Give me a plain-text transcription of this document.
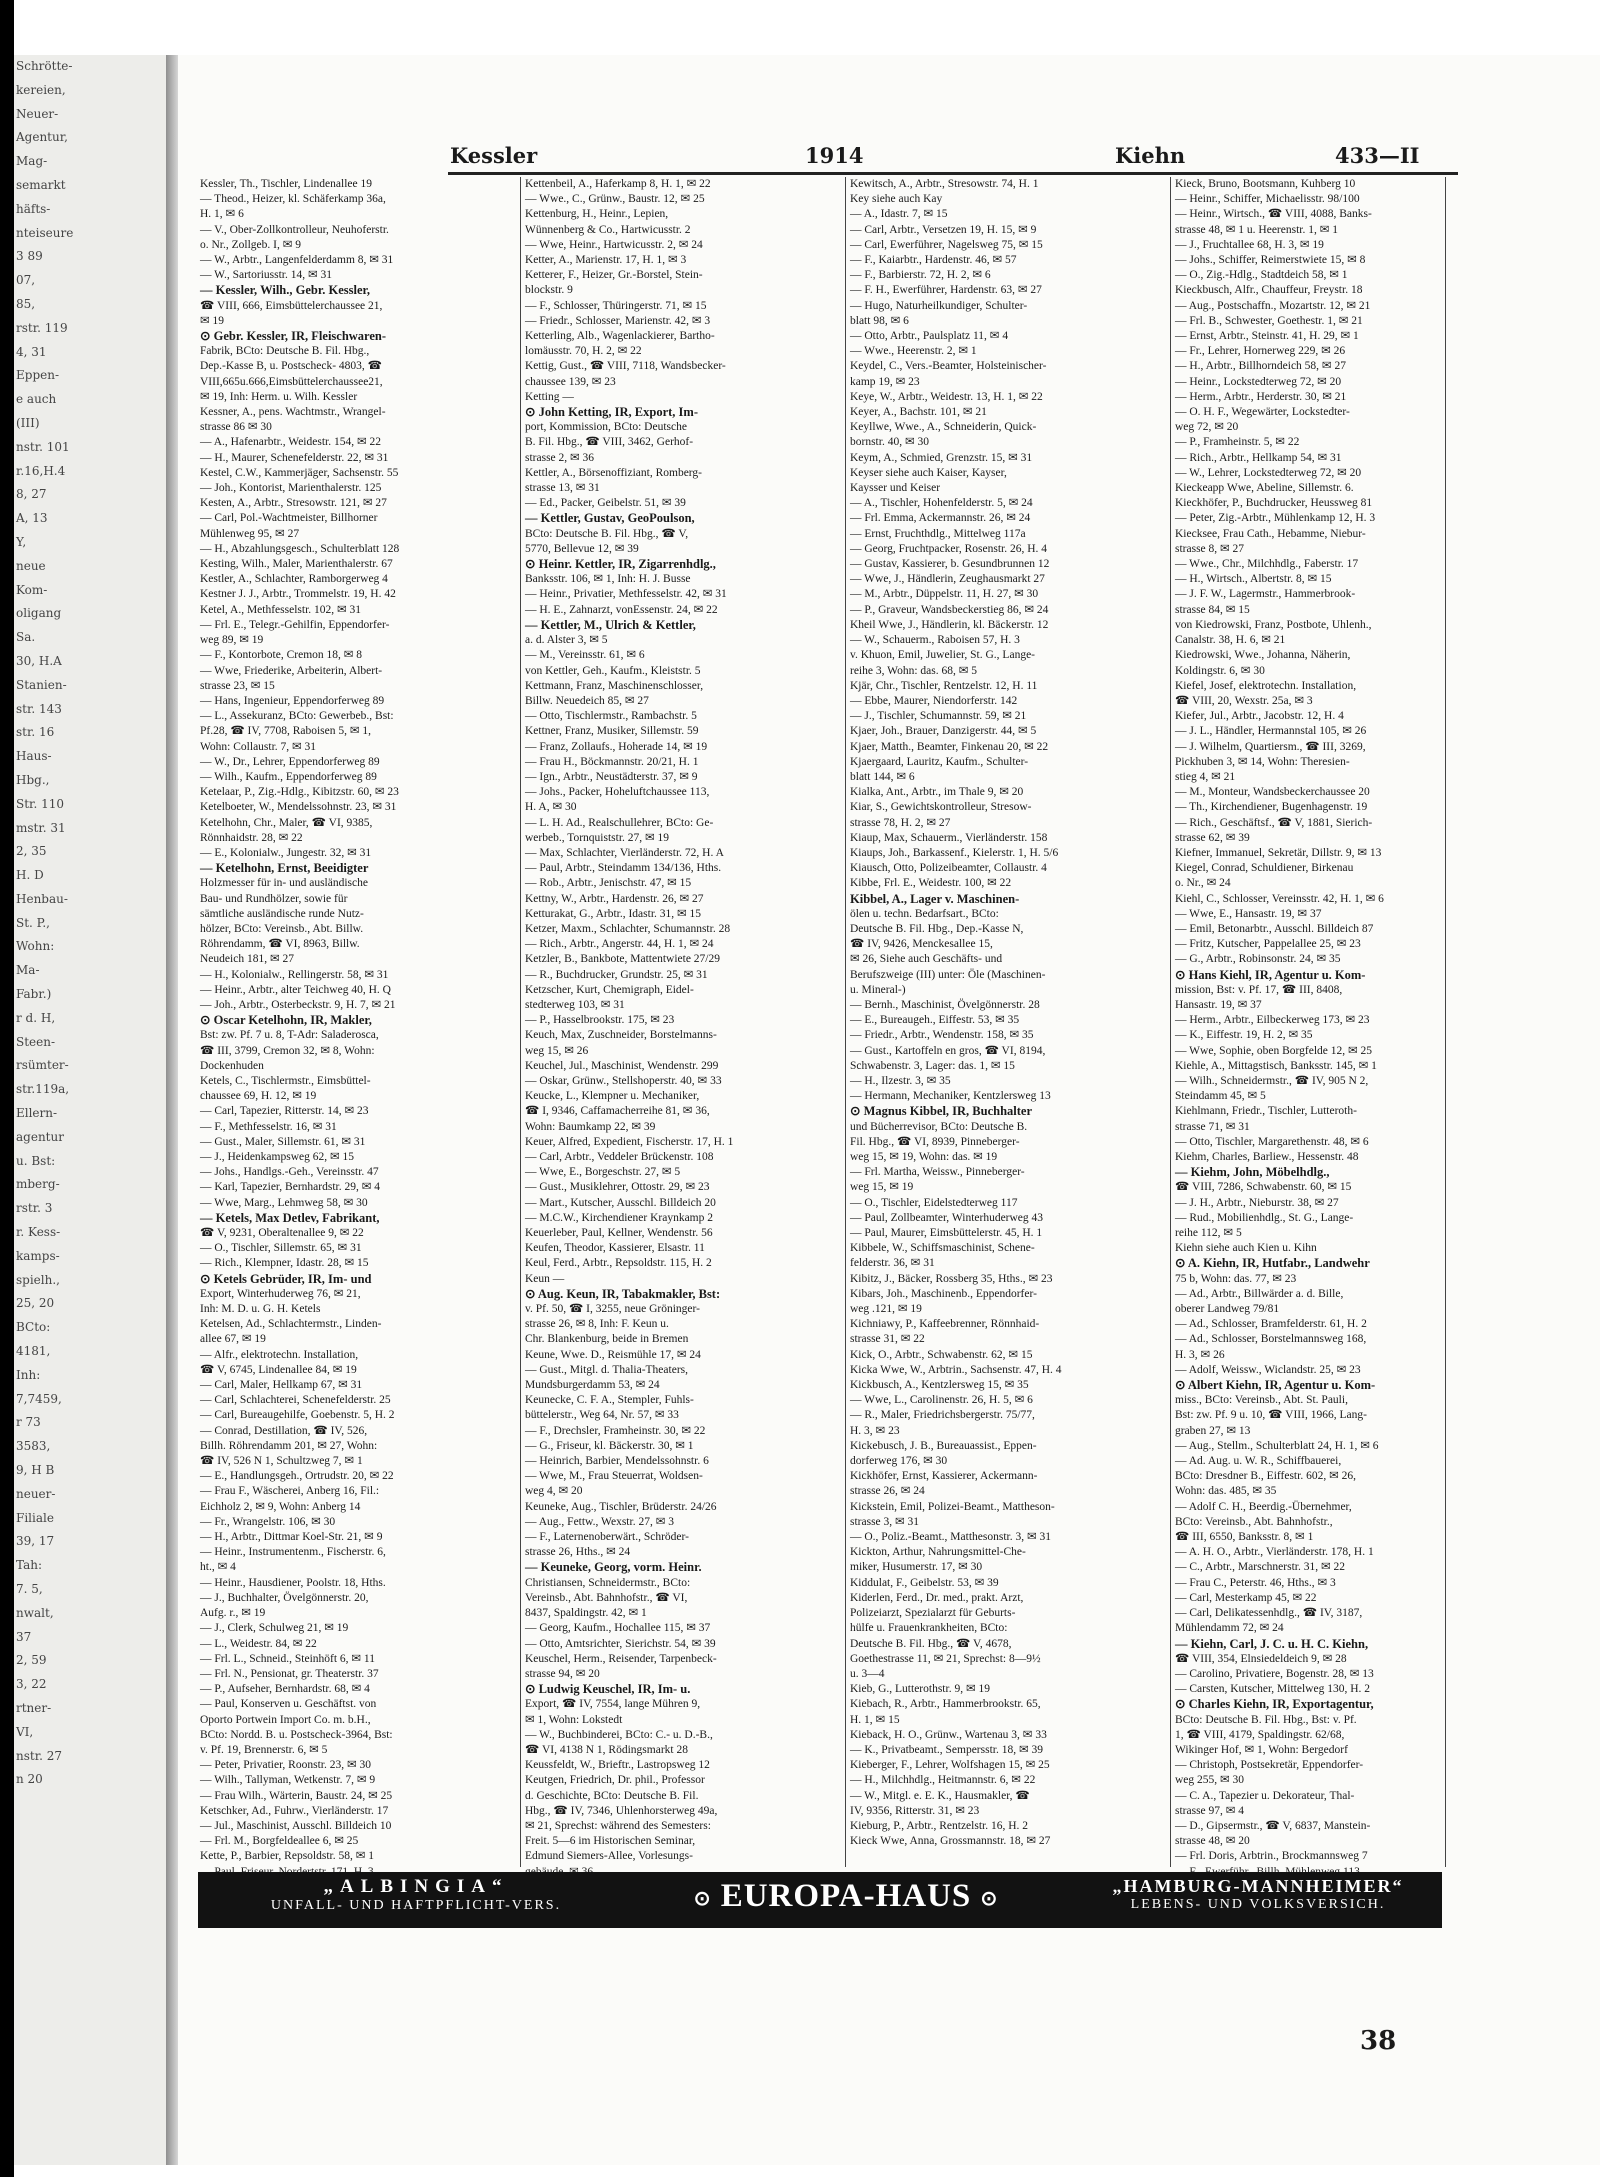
Schrötte-
kereien,
Neuer-
Agentur,
Mag-
semarkt
häfts-
nteiseure
3 89
07,
85,
rstr. 119
4, 31
Eppen-
e auch
(III)
nstr. 101
r.16,H.4
8, 27
A, 13
Y,
neue
Kom-
oligang
Sa.
30, H.A
Stanien-
str. 143
str. 16
Haus-
Hbg.,
Str. 110
mstr. 31
2, 35
H. D
Henbau-
St. P.,
Wohn:
Ma-
Fabr.)
r d. H,
Steen-
rsümter-
str.119a,
Ellern-
agentur
u. Bst:
mberg-
rstr. 3
r. Kess-
kamps-
spielh.,
25, 20
BCto:
4181,
Inh:
7,7459,
r 73
3583,
9, H B
neuer-
Filiale
39, 17
Tah:
7. 5,
nwalt,
37
2, 59
3, 22
rtner-
VI,
nstr. 27
n 20
Kessler	1914	Kiehn	433—II
Kessler, Th., Tischler, Lindenallee 19
— Theod., Heizer, kl. Schäferkamp 36a,
H. 1, ✉ 6
— V., Ober-Zollkontrolleur, Neuhoferstr.
o. Nr., Zollgeb. I, ✉ 9
— W., Arbtr., Langenfelderdamm 8, ✉ 31
— W., Sartoriusstr. 14, ✉ 31
— Kessler, Wilh., Gebr. Kessler,
☎ VIII, 666, Eimsbüttelerchaussee 21,
✉ 19
⊙ Gebr. Kessler, IR, Fleischwaren-
Fabrik, BCto: Deutsche B. Fil. Hbg.,
Dep.-Kasse B, u. Postscheck- 4803, ☎
VIII,665u.666,Eimsbüttelerchaussee21,
✉ 19, Inh: Herm. u. Wilh. Kessler
Kessner, A., pens. Wachtmstr., Wrangel-
strasse 86 ✉ 30
— A., Hafenarbtr., Weidestr. 154, ✉ 22
— H., Maurer, Schenefelderstr. 22, ✉ 31
Kestel, C.W., Kammerjäger, Sachsenstr. 55
— Joh., Kontorist, Marienthalerstr. 125
Kesten, A., Arbtr., Stresowstr. 121, ✉ 27
— Carl, Pol.-Wachtmeister, Billhorner
Mühlenweg 95, ✉ 27
— H., Abzahlungsgesch., Schulterblatt 128
Kesting, Wilh., Maler, Marienthalerstr. 67
Kestler, A., Schlachter, Ramborgerweg 4
Kestner J. J., Arbtr., Trommelstr. 19, H. 42
Ketel, A., Methfesselstr. 102, ✉ 31
— Frl. E., Telegr.-Gehilfin, Eppendorfer-
weg 89, ✉ 19
— F., Kontorbote, Cremon 18, ✉ 8
— Wwe, Friederike, Arbeiterin, Albert-
strasse 23, ✉ 15
— Hans, Ingenieur, Eppendorferweg 89
— L., Assekuranz, BCto: Gewerbeb., Bst:
Pf.28, ☎ IV, 7708, Raboisen 5, ✉ 1,
Wohn: Collaustr. 7, ✉ 31
— W., Dr., Lehrer, Eppendorferweg 89
— Wilh., Kaufm., Eppendorferweg 89
Ketelaar, P., Zig.-Hdlg., Kibitzstr. 60, ✉ 23
Ketelboeter, W., Mendelssohnstr. 23, ✉ 31
Ketelhohn, Chr., Maler, ☎ VI, 9385,
Rönnhaidstr. 28, ✉ 22
— E., Kolonialw., Jungestr. 32, ✉ 31
— Ketelhohn, Ernst, Beeidigter
Holzmesser für in- und ausländische
Bau- und Rundhölzer, sowie für
sämtliche ausländische runde Nutz-
hölzer, BCto: Vereinsb., Abt. Billw.
Röhrendamm, ☎ VI, 8963, Billw.
Neudeich 181, ✉ 27
— H., Kolonialw., Rellingerstr. 58, ✉ 31
— Heinr., Arbtr., alter Teichweg 40, H. Q
— Joh., Arbtr., Osterbeckstr. 9, H. 7, ✉ 21
⊙ Oscar Ketelhohn, IR, Makler,
Bst: zw. Pf. 7 u. 8, T-Adr: Saladerosca,
☎ III, 3799, Cremon 32, ✉ 8, Wohn:
Dockenhuden
Ketels, C., Tischlermstr., Eimsbüttel-
chaussee 69, H. 12, ✉ 19
— Carl, Tapezier, Ritterstr. 14, ✉ 23
— F., Methfesselstr. 16, ✉ 31
— Gust., Maler, Sillemstr. 61, ✉ 31
— J., Heidenkampsweg 62, ✉ 15
— Johs., Handlgs.-Geh., Vereinsstr. 47
— Karl, Tapezier, Bernhardstr. 29, ✉ 4
— Wwe, Marg., Lehmweg 58, ✉ 30
— Ketels, Max Detlev, Fabrikant,
☎ V, 9231, Oberaltenallee 9, ✉ 22
— O., Tischler, Sillemstr. 65, ✉ 31
— Rich., Klempner, Idastr. 28, ✉ 15
⊙ Ketels Gebrüder, IR, Im- und
Export, Winterhuderweg 76, ✉ 21,
Inh: M. D. u. G. H. Ketels
Ketelsen, Ad., Schlachtermstr., Linden-
allee 67, ✉ 19
— Alfr., elektrotechn. Installation,
☎ V, 6745, Lindenallee 84, ✉ 19
— Carl, Maler, Hellkamp 67, ✉ 31
— Carl, Schlachterei, Schenefelderstr. 25
— Carl, Bureaugehilfe, Goebenstr. 5, H. 2
— Conrad, Destillation, ☎ IV, 526,
Billh. Röhrendamm 201, ✉ 27, Wohn:
☎ IV, 526 N 1, Schultzweg 7, ✉ 1
— E., Handlungsgeh., Ortrudstr. 20, ✉ 22
— Frau F., Wäscherei, Anberg 16, Fil.:
Eichholz 2, ✉ 9, Wohn: Anberg 14
— Fr., Wrangelstr. 106, ✉ 30
— H., Arbtr., Dittmar Koel-Str. 21, ✉ 9
— Heinr., Instrumentenm., Fischerstr. 6,
ht., ✉ 4
— Heinr., Hausdiener, Poolstr. 18, Hths.
— J., Buchhalter, Övelgönnerstr. 20,
Aufg. r., ✉ 19
— J., Clerk, Schulweg 21, ✉ 19
— L., Weidestr. 84, ✉ 22
— Frl. L., Schneid., Steinhöft 6, ✉ 11
— Frl. N., Pensionat, gr. Theaterstr. 37
— P., Aufseher, Bernhardstr. 68, ✉ 4
— Paul, Konserven u. Geschäftst. von
Oporto Portwein Import Co. m. b.H.,
BCto: Nordd. B. u. Postscheck-3964, Bst:
v. Pf. 19, Brennerstr. 6, ✉ 5
— Peter, Privatier, Roonstr. 23, ✉ 30
— Wilh., Tallyman, Wetkenstr. 7, ✉ 9
— Frau Wilh., Wärterin, Baustr. 24, ✉ 25
Ketschker, Ad., Fuhrw., Vierländerstr. 17
— Jul., Maschinist, Ausschl. Billdeich 10
— Frl. M., Borgfeldeallee 6, ✉ 25
Kette, P., Barbier, Repsoldstr. 58, ✉ 1
Kettenbeil, A., Haferkamp 8, H. 1, ✉ 22
— Wwe., C., Grünw., Baustr. 12, ✉ 25
Kettenburg, H., Heinr., Lepien,
Wünnenberg & Co., Hartwicusstr. 2
— Wwe, Heinr., Hartwicusstr. 2, ✉ 24
Ketter, A., Marienstr. 17, H. 1, ✉ 3
Ketterer, F., Heizer, Gr.-Borstel, Stein-
blockstr. 9
— F., Schlosser, Thüringerstr. 71, ✉ 15
— Friedr., Schlosser, Marienstr. 42, ✉ 3
Ketterling, Alb., Wagenlackierer, Bartho-
lomäusstr. 70, H. 2, ✉ 22
Kettig, Gust., ☎ VIII, 7118, Wandsbecker-
chaussee 139, ✉ 23
Ketting —
⊙ John Ketting, IR, Export, Im-
port, Kommission, BCto: Deutsche
B. Fil. Hbg., ☎ VIII, 3462, Gerhof-
strasse 2, ✉ 36
Kettler, A., Börsenoffiziant, Romberg-
strasse 13, ✉ 31
— Ed., Packer, Geibelstr. 51, ✉ 39
— Kettler, Gustav, GeoPoulson,
BCto: Deutsche B. Fil. Hbg., ☎ V,
5770, Bellevue 12, ✉ 39
⊙ Heinr. Kettler, IR, Zigarrenhdlg.,
Banksstr. 106, ✉ 1, Inh: H. J. Busse
— Heinr., Privatier, Methfesselstr. 42, ✉ 31
— H. E., Zahnarzt, vonEssenstr. 24, ✉ 22
— Kettler, M., Ulrich & Kettler,
a. d. Alster 3, ✉ 5
— M., Vereinsstr. 61, ✉ 6
von Kettler, Geh., Kaufm., Kleiststr. 5
Kettmann, Franz, Maschinenschlosser,
Billw. Neuedeich 85, ✉ 27
— Otto, Tischlermstr., Rambachstr. 5
Kettner, Franz, Musiker, Sillemstr. 59
— Franz, Zollaufs., Hoherade 14, ✉ 19
— Frau H., Böckmannstr. 20/21, H. 1
— Ign., Arbtr., Neustädterstr. 37, ✉ 9
— Johs., Packer, Hoheluftchaussee 113,
H. A, ✉ 30
— L. H. Ad., Realschullehrer, BCto: Ge-
werbeb., Tornquiststr. 27, ✉ 19
— Max, Schlachter, Vierländerstr. 72, H. A
— Paul, Arbtr., Steindamm 134/136, Hths.
— Rob., Arbtr., Jenischstr. 47, ✉ 15
Kettny, W., Arbtr., Hardenstr. 26, ✉ 27
Ketturakat, G., Arbtr., Idastr. 31, ✉ 15
Ketzer, Maxm., Schlachter, Schumannstr. 28
— Rich., Arbtr., Angerstr. 44, H. 1, ✉ 24
Ketzler, B., Bankbote, Mattentwiete 27/29
— R., Buchdrucker, Grundstr. 25, ✉ 31
Ketzscher, Kurt, Chemigraph, Eidel-
stedterweg 103, ✉ 31
— P., Hasselbrookstr. 175, ✉ 23
Keuch, Max, Zuschneider, Borstelmanns-
weg 15, ✉ 26
Keuchel, Jul., Maschinist, Wendenstr. 299
— Oskar, Grünw., Stellshoperstr. 40, ✉ 33
Keucke, L., Klempner u. Mechaniker,
☎ I, 9346, Caffamacherreihe 81, ✉ 36,
Wohn: Baumkamp 22, ✉ 39
Keuer, Alfred, Expedient, Fischerstr. 17, H. 1
— Carl, Arbtr., Veddeler Brückenstr. 108
— Wwe, E., Borgeschstr. 27, ✉ 5
— Gust., Musiklehrer, Ottostr. 29, ✉ 23
— Mart., Kutscher, Ausschl. Billdeich 20
— M.C.W., Kirchendiener Kraynkamp 2
Keuerleber, Paul, Kellner, Wendenstr. 56
Keufen, Theodor, Kassierer, Elsastr. 11
Keul, Ferd., Arbtr., Repsoldstr. 115, H. 2
Keun —
⊙ Aug. Keun, IR, Tabakmakler, Bst:
v. Pf. 50, ☎ I, 3255, neue Gröninger-
strasse 26, ✉ 8, Inh: F. Keun u.
Chr. Blankenburg, beide in Bremen
Keune, Wwe. D., Reismühle 17, ✉ 24
— Gust., Mitgl. d. Thalia-Theaters,
Mundsburgerdamm 53, ✉ 24
Keunecke, C. F. A., Stempler, Fuhls-
büttelerstr., Weg 64, Nr. 57, ✉ 33
— F., Drechsler, Framheinstr. 30, ✉ 22
— G., Friseur, kl. Bäckerstr. 30, ✉ 1
— Heinrich, Barbier, Mendelssohnstr. 6
— Wwe, M., Frau Steuerrat, Woldsen-
weg 4, ✉ 20
Keuneke, Aug., Tischler, Brüderstr. 24/26
— Aug., Fettw., Wexstr. 27, ✉ 3
— F., Laternenoberwärt., Schröder-
strasse 26, Hths., ✉ 24
— Keuneke, Georg, vorm. Heinr.
Christiansen, Schneidermstr., BCto:
Vereinsb., Abt. Bahnhofstr., ☎ VI,
8437, Spaldingstr. 42, ✉ 1
— Georg, Kaufm., Hochallee 115, ✉ 37
— Otto, Amtsrichter, Sierichstr. 54, ✉ 39
Keuschel, Herm., Reisender, Tarpenbeck-
strasse 94, ✉ 20
⊙ Ludwig Keuschel, IR, Im- u.
Export, ☎ IV, 7554, lange Mühren 9,
✉ 1, Wohn: Lokstedt
— W., Buchbinderei, BCto: C.- u. D.-B.,
☎ VI, 4138 N 1, Rödingsmarkt 28
Keussfeldt, W., Brieftr., Lastropsweg 12
Keutgen, Friedrich, Dr. phil., Professor
d. Geschichte, BCto: Deutsche B. Fil.
Hbg., ☎ IV, 7346, Uhlenhorsterweg 49a,
✉ 21, Sprechst: während des Semesters:
Freit. 5—6 im Historischen Seminar,
Edmund Siemers-Allee, Vorlesungs-
Kewitsch, A., Arbtr., Stresowstr. 74, H. 1
Key siehe auch Kay
— A., Idastr. 7, ✉ 15
— Carl, Arbtr., Versetzen 19, H. 15, ✉ 9
— Carl, Ewerführer, Nagelsweg 75, ✉ 15
— F., Kaiarbtr., Hardenstr. 46, ✉ 57
— F., Barbierstr. 72, H. 2, ✉ 6
— F. H., Ewerführer, Hardenstr. 63, ✉ 27
— Hugo, Naturheilkundiger, Schulter-
blatt 98, ✉ 6
— Otto, Arbtr., Paulsplatz 11, ✉ 4
— Wwe., Heerenstr. 2, ✉ 1
Keydel, C., Vers.-Beamter, Holsteinischer-
kamp 19, ✉ 23
Keye, W., Arbtr., Weidestr. 13, H. 1, ✉ 22
Keyer, A., Bachstr. 101, ✉ 21
Keyllwe, Wwe., A., Schneiderin, Quick-
bornstr. 40, ✉ 30
Keym, A., Schmied, Grenzstr. 15, ✉ 31
Keyser siehe auch Kaiser, Kayser,
Kaysser und Keiser
— A., Tischler, Hohenfelderstr. 5, ✉ 24
— Frl. Emma, Ackermannstr. 26, ✉ 24
— Ernst, Fruchthdlg., Mittelweg 117a
— Georg, Fruchtpacker, Rosenstr. 26, H. 4
— Gustav, Kassierer, b. Gesundbrunnen 12
— Wwe, J., Händlerin, Zeughausmarkt 27
— M., Arbtr., Düppelstr. 11, H. 27, ✉ 30
— P., Graveur, Wandsbeckerstieg 86, ✉ 24
Kheil Wwe, J., Händlerin, kl. Bäckerstr. 12
— W., Schauerm., Raboisen 57, H. 3
v. Khuon, Emil, Juwelier, St. G., Lange-
reihe 3, Wohn: das. 68, ✉ 5
Kjär, Chr., Tischler, Rentzelstr. 12, H. 11
— Ebbe, Maurer, Niendorferstr. 142
— J., Tischler, Schumannstr. 59, ✉ 21
Kjaer, Joh., Brauer, Danzigerstr. 44, ✉ 5
Kjaer, Matth., Beamter, Finkenau 20, ✉ 22
Kjaergaard, Lauritz, Kaufm., Schulter-
blatt 144, ✉ 6
Kialka, Ant., Arbtr., im Thale 9, ✉ 20
Kiar, S., Gewichtskontrolleur, Stresow-
strasse 78, H. 2, ✉ 27
Kiaup, Max, Schauerm., Vierländerstr. 158
Kiaups, Joh., Barkassenf., Kielerstr. 1, H. 5/6
Kiausch, Otto, Polizeibeamter, Collaustr. 4
Kibbe, Frl. E., Weidestr. 100, ✉ 22
Kibbel, A., Lager v. Maschinen-
ölen u. techn. Bedarfsart., BCto:
Deutsche B. Fil. Hbg., Dep.-Kasse N,
☎ IV, 9426, Menckesallee 15,
✉ 26, Siehe auch Geschäfts- und
Berufszweige (III) unter: Öle (Maschinen-
u. Mineral-)
— Bernh., Maschinist, Övelgönnerstr. 28
— E., Bureaugeh., Eiffestr. 53, ✉ 35
— Friedr., Arbtr., Wendenstr. 158, ✉ 35
— Gust., Kartoffeln en gros, ☎ VI, 8194,
Schwabenstr. 3, Lager: das. 1, ✉ 15
— H., Ilzestr. 3, ✉ 35
— Hermann, Mechaniker, Kentzlersweg 13
⊙ Magnus Kibbel, IR, Buchhalter
und Bücherrevisor, BCto: Deutsche B.
Fil. Hbg., ☎ VI, 8939, Pinneberger-
weg 15, ✉ 19, Wohn: das. ✉ 19
— Frl. Martha, Weissw., Pinneberger-
weg 15, ✉ 19
— O., Tischler, Eidelstedterweg 117
— Paul, Zollbeamter, Winterhuderweg 43
— Paul, Maurer, Eimsbüttelerstr. 45, H. 1
Kibbele, W., Schiffsmaschinist, Schene-
felderstr. 36, ✉ 31
Kibitz, J., Bäcker, Rossberg 35, Hths., ✉ 23
Kibars, Joh., Maschinenb., Eppendorfer-
weg .121, ✉ 19
Kichniawy, P., Kaffeebrenner, Rönnhaid-
strasse 31, ✉ 22
Kick, O., Arbtr., Schwabenstr. 62, ✉ 15
Kicka Wwe, W., Arbtrin., Sachsenstr. 47, H. 4
Kickbusch, A., Kentzlersweg 15, ✉ 35
— Wwe, L., Carolinenstr. 26, H. 5, ✉ 6
— R., Maler, Friedrichsbergerstr. 75/77,
H. 3, ✉ 23
Kickebusch, J. B., Bureauassist., Eppen-
dorferweg 176, ✉ 30
Kickhöfer, Ernst, Kassierer, Ackermann-
strasse 26, ✉ 24
Kickstein, Emil, Polizei-Beamt., Mattheson-
strasse 3, ✉ 31
— O., Poliz.-Beamt., Matthesonstr. 3, ✉ 31
Kickton, Arthur, Nahrungsmittel-Che-
miker, Husumerstr. 17, ✉ 30
Kiddulat, F., Geibelstr. 53, ✉ 39
Kiderlen, Ferd., Dr. med., prakt. Arzt,
Polizeiarzt, Spezialarzt für Geburts-
hülfe u. Frauenkrankheiten, BCto:
Deutsche B. Fil. Hbg., ☎ V, 4678,
Goethestrasse 11, ✉ 21, Sprechst: 8—9½
u. 3—4
Kieb, G., Lutterothstr. 9, ✉ 19
Kiebach, R., Arbtr., Hammerbrookstr. 65,
H. 1, ✉ 15
Kieback, H. O., Grünw., Wartenau 3, ✉ 33
— K., Privatbeamt., Sempersstr. 18, ✉ 39
Kieberger, F., Lehrer, Wolfshagen 15, ✉ 25
— H., Milchhdlg., Heitmannstr. 6, ✉ 22
— W., Mitgl. e. E. K., Hausmakler, ☎
IV, 9356, Ritterstr. 31, ✉ 23
Kieburg, P., Arbtr., Rentzelstr. 16, H. 2
Kieck Wwe, Anna, Grossmannstr. 18, ✉ 27
Kieck, Bruno, Bootsmann, Kuhberg 10
— Heinr., Schiffer, Michaelisstr. 98/100
— Heinr., Wirtsch., ☎ VIII, 4088, Banks-
strasse 48, ✉ 1 u. Heerenstr. 1, ✉ 1
— J., Fruchtallee 68, H. 3, ✉ 19
— Johs., Schiffer, Reimerstwiete 15, ✉ 8
— O., Zig.-Hdlg., Stadtdeich 58, ✉ 1
Kieckbusch, Alfr., Chauffeur, Freystr. 18
— Aug., Postschaffn., Mozartstr. 12, ✉ 21
— Frl. B., Schwester, Goethestr. 1, ✉ 21
— Ernst, Arbtr., Steinstr. 41, H. 29, ✉ 1
— Fr., Lehrer, Hornerweg 229, ✉ 26
— H., Arbtr., Billhorndeich 58, ✉ 27
— Heinr., Lockstedterweg 72, ✉ 20
— Herm., Arbtr., Herderstr. 30, ✉ 21
— O. H. F., Wegewärter, Lockstedter-
weg 72, ✉ 20
— P., Framheinstr. 5, ✉ 22
— Rich., Arbtr., Hellkamp 54, ✉ 31
— W., Lehrer, Lockstedterweg 72, ✉ 20
Kieckeapp Wwe, Abeline, Sillemstr. 6.
Kieckhöfer, P., Buchdrucker, Heussweg 81
— Peter, Zig.-Arbtr., Mühlenkamp 12, H. 3
Kiecksee, Frau Cath., Hebamme, Niebur-
strasse 8, ✉ 27
— Wwe., Chr., Milchhdlg., Faberstr. 17
— H., Wirtsch., Albertstr. 8, ✉ 15
— J. F. W., Lagermstr., Hammerbrook-
strasse 84, ✉ 15
von Kiedrowski, Franz, Postbote, Uhlenh.,
Canalstr. 38, H. 6, ✉ 21
Kiedrowski, Wwe., Johanna, Näherin,
Koldingstr. 6, ✉ 30
Kiefel, Josef, elektrotechn. Installation,
☎ VIII, 20, Wexstr. 25a, ✉ 3
Kiefer, Jul., Arbtr., Jacobstr. 12, H. 4
— J. L., Händler, Hermannstal 105, ✉ 26
— J. Wilhelm, Quartiersm., ☎ III, 3269,
Pickhuben 3, ✉ 14, Wohn: Theresien-
stieg 4, ✉ 21
— M., Monteur, Wandsbeckerchaussee 20
— Th., Kirchendiener, Bugenhagenstr. 19
— Rich., Geschäftsf., ☎ V, 1881, Sierich-
strasse 62, ✉ 39
Kiefner, Immanuel, Sekretär, Dillstr. 9, ✉ 13
Kiegel, Conrad, Schuldiener, Birkenau
o. Nr., ✉ 24
Kiehl, C., Schlosser, Vereinsstr. 42, H. 1, ✉ 6
— Wwe, E., Hansastr. 19, ✉ 37
— Emil, Betonarbtr., Ausschl. Billdeich 87
— Fritz, Kutscher, Pappelallee 25, ✉ 23
— G., Arbtr., Robinsonstr. 24, ✉ 35
⊙ Hans Kiehl, IR, Agentur u. Kom-
mission, Bst: v. Pf. 17, ☎ III, 8408,
Hansastr. 19, ✉ 37
— Herm., Arbtr., Eilbeckerweg 173, ✉ 23
— K., Eiffestr. 19, H. 2, ✉ 35
— Wwe, Sophie, oben Borgfelde 12, ✉ 25
Kiehle, A., Mittagstisch, Banksstr. 145, ✉ 1
— Wilh., Schneidermstr., ☎ IV, 905 N 2,
Steindamm 45, ✉ 5
Kiehlmann, Friedr., Tischler, Lutteroth-
strasse 71, ✉ 31
— Otto, Tischler, Margarethenstr. 48, ✉ 6
Kiehm, Charles, Barliew., Hessenstr. 48
— Kiehm, John, Möbelhdlg.,
☎ VIII, 7286, Schwabenstr. 60, ✉ 15
— J. H., Arbtr., Nieburstr. 38, ✉ 27
— Rud., Mobilienhdlg., St. G., Lange-
reihe 112, ✉ 5
Kiehn siehe auch Kien u. Kihn
⊙ A. Kiehn, IR, Hutfabr., Landwehr
75 b, Wohn: das. 77, ✉ 23
— Ad., Arbtr., Billwärder a. d. Bille,
oberer Landweg 79/81
— Ad., Schlosser, Bramfelderstr. 61, H. 2
— Ad., Schlosser, Borstelmannsweg 168,
H. 3, ✉ 26
— Adolf, Weissw., Wiclandstr. 25, ✉ 23
⊙ Albert Kiehn, IR, Agentur u. Kom-
miss., BCto: Vereinsb., Abt. St. Pauli,
Bst: zw. Pf. 9 u. 10, ☎ VIII, 1966, Lang-
graben 27, ✉ 13
— Aug., Stellm., Schulterblatt 24, H. 1, ✉ 6
— Ad. Aug. u. W. R., Schiffbauerei,
BCto: Dresdner B., Eiffestr. 602, ✉ 26,
Wohn: das. 485, ✉ 35
— Adolf C. H., Beerdig.-Übernehmer,
BCto: Vereinsb., Abt. Bahnhofstr.,
☎ III, 6550, Banksstr. 8, ✉ 1
— A. H. O., Arbtr., Vierländerstr. 178, H. 1
— C., Arbtr., Marschnerstr. 31, ✉ 22
— Frau C., Peterstr. 46, Hths., ✉ 3
— Carl, Mesterkamp 45, ✉ 22
— Carl, Delikatessenhdlg., ☎ IV, 3187,
Mühlendamm 72, ✉ 24
— Kiehn, Carl, J. C. u. H. C. Kiehn,
☎ VIII, 354, Elnsiedeldeich 9, ✉ 28
— Carolino, Privatiere, Bogenstr. 28, ✉ 13
— Carsten, Kutscher, Mittelweg 130, H. 2
⊙ Charles Kiehn, IR, Exportagentur,
BCto: Deutsche B. Fil. Hbg., Bst: v. Pf.
1, ☎ VIII, 4179, Spaldingstr. 62/68,
Wikinger Hof, ✉ 1, Wohn: Bergedorf
— Christoph, Postsekretär, Eppendorfer-
weg 255, ✉ 30
— C. A., Tapezier u. Dekorateur, Thal-
strasse 97, ✉ 4
— D., Gipsermstr., ☎ V, 6837, Manstein-
strasse 48, ✉ 20
— Frl. Doris, Arbtrin., Brockmannsweg 7
„ALBINGIA“
UNFALL- UND HAFTPFLICHT-VERS.	⊙ EUROPA-HAUS ⊙
„HAMBURG-MANNHEIMER“
LEBENS- UND VOLKSVERSICH.
38
